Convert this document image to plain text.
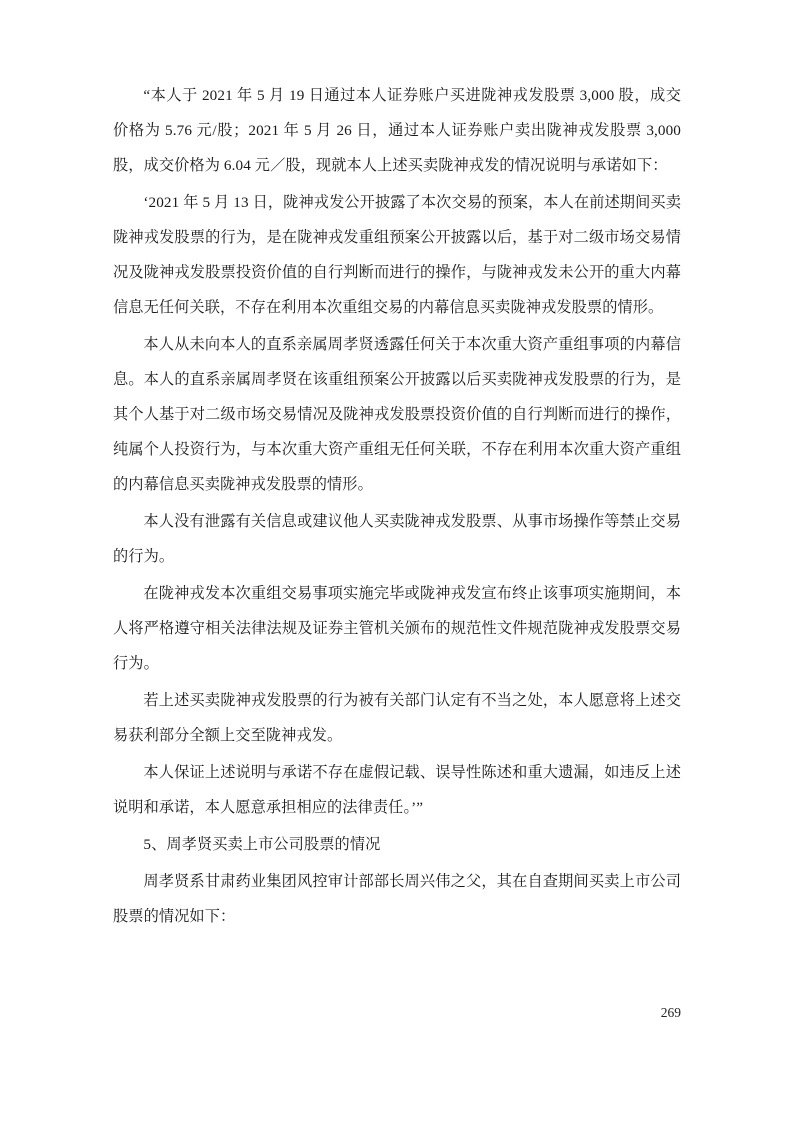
“本人于 2021 年 5 月 19 日通过本人证券账户买进陇神戎发股票 3,000 股，成交价格为 5.76 元/股；2021 年 5 月 26 日，通过本人证券账户卖出陇神戎发股票 3,000 股，成交价格为 6.04 元／股，现就本人上述买卖陇神戎发的情况说明与承诺如下：

‘2021 年 5 月 13 日，陇神戎发公开披露了本次交易的预案，本人在前述期间买卖陇神戎发股票的行为，是在陇神戎发重组预案公开披露以后，基于对二级市场交易情况及陇神戎发股票投资价值的自行判断而进行的操作，与陇神戎发未公开的重大内幕信息无任何关联，不存在利用本次重组交易的内幕信息买卖陇神戎发股票的情形。

本人从未向本人的直系亲属周孝贤透露任何关于本次重大资产重组事项的内幕信息。本人的直系亲属周孝贤在该重组预案公开披露以后买卖陇神戎发股票的行为，是其个人基于对二级市场交易情况及陇神戎发股票投资价值的自行判断而进行的操作，纯属个人投资行为，与本次重大资产重组无任何关联，不存在利用本次重大资产重组的内幕信息买卖陇神戎发股票的情形。

本人没有泄露有关信息或建议他人买卖陇神戎发股票、从事市场操作等禁止交易的行为。

在陇神戎发本次重组交易事项实施完毕或陇神戎发宣布终止该事项实施期间，本人将严格遵守相关法律法规及证券主管机关颁布的规范性文件规范陇神戎发股票交易行为。

若上述买卖陇神戎发股票的行为被有关部门认定有不当之处，本人愿意将上述交易获利部分全额上交至陇神戎发。

本人保证上述说明与承诺不存在虚假记载、误导性陈述和重大遗漏，如违反上述说明和承诺，本人愿意承担相应的法律责任。’”

5、周孝贤买卖上市公司股票的情况

周孝贤系甘肃药业集团风控审计部部长周兴伟之父，其在自查期间买卖上市公司股票的情况如下：

269
